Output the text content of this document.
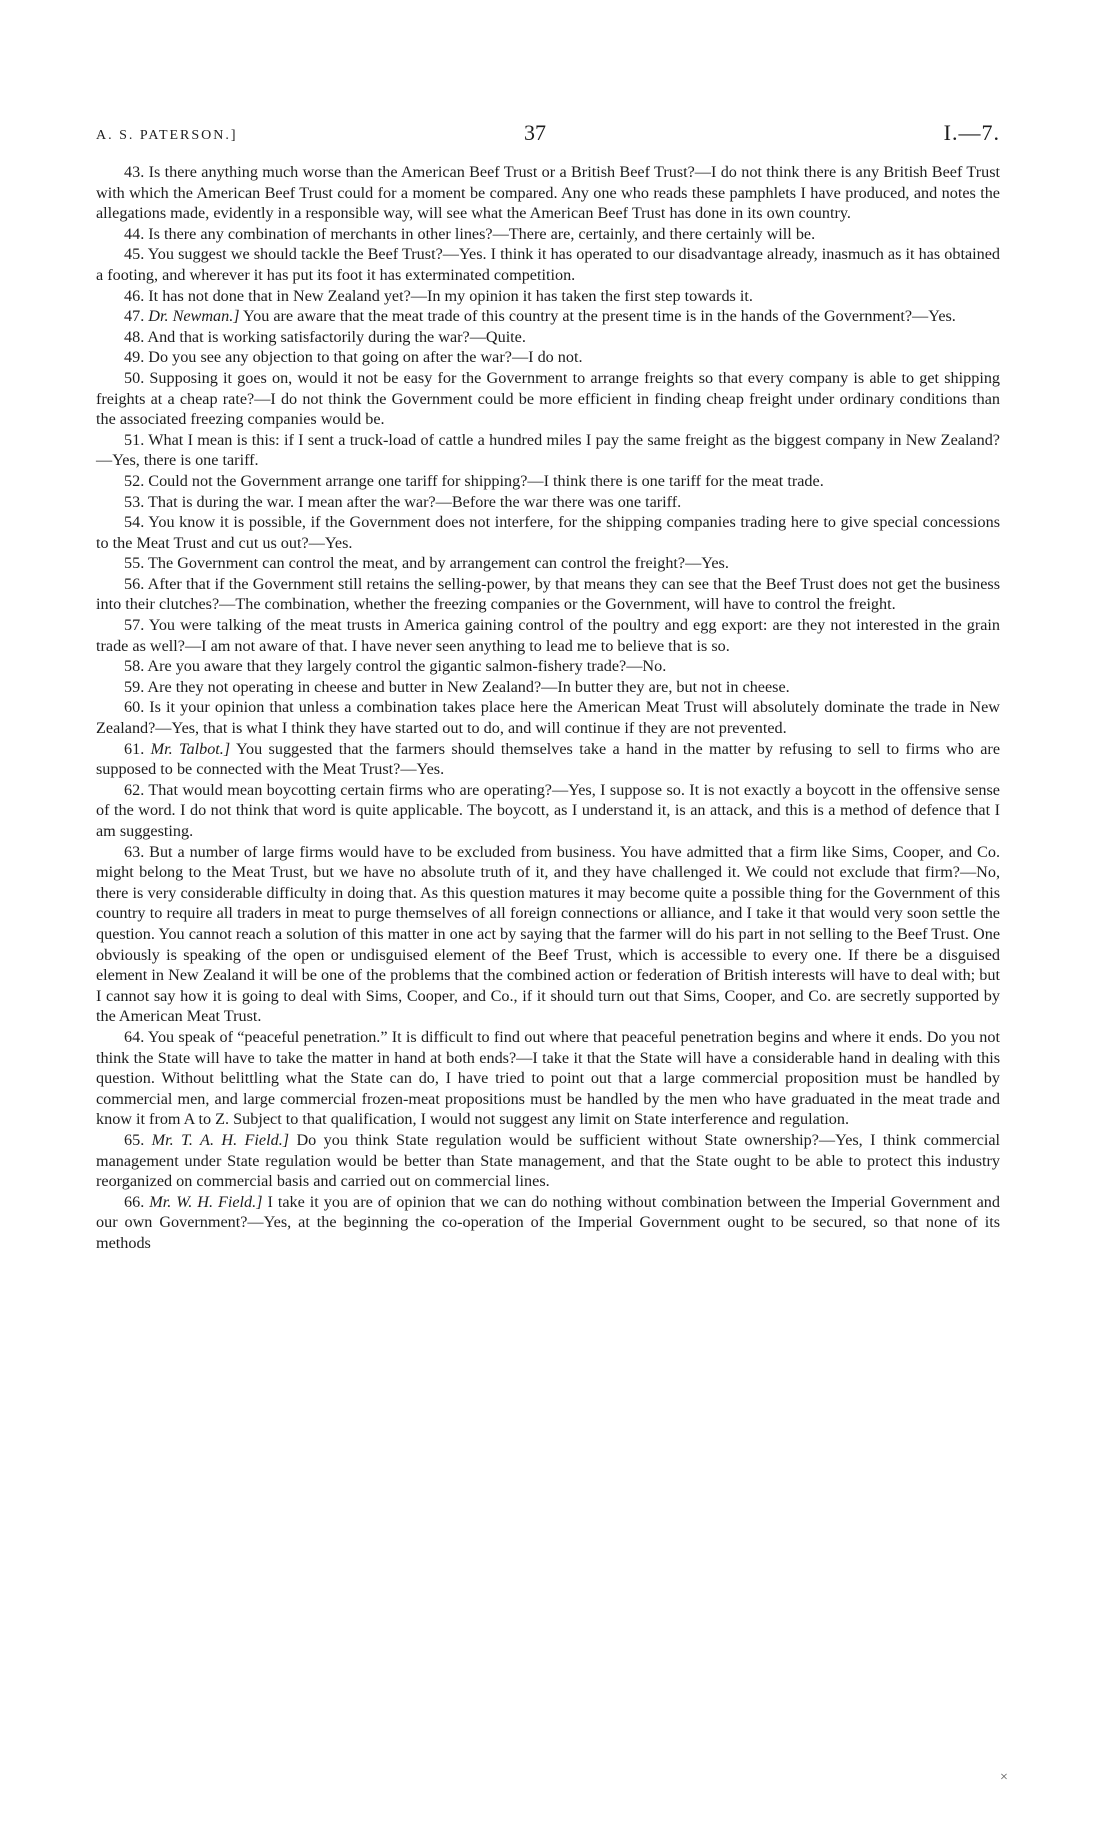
A. S. PATERSON.]	37	I.—7.

43. Is there anything much worse than the American Beef Trust or a British Beef Trust?—I do not think there is any British Beef Trust with which the American Beef Trust could for a moment be compared. Any one who reads these pamphlets I have produced, and notes the allegations made, evidently in a responsible way, will see what the American Beef Trust has done in its own country.

44. Is there any combination of merchants in other lines?—There are, certainly, and there certainly will be.

45. You suggest we should tackle the Beef Trust?—Yes. I think it has operated to our disadvantage already, inasmuch as it has obtained a footing, and wherever it has put its foot it has exterminated competition.

46. It has not done that in New Zealand yet?—In my opinion it has taken the first step towards it.

47. Dr. Newman.] You are aware that the meat trade of this country at the present time is in the hands of the Government?—Yes.

48. And that is working satisfactorily during the war?—Quite.

49. Do you see any objection to that going on after the war?—I do not.

50. Supposing it goes on, would it not be easy for the Government to arrange freights so that every company is able to get shipping freights at a cheap rate?—I do not think the Government could be more efficient in finding cheap freight under ordinary conditions than the associated freezing companies would be.

51. What I mean is this: if I sent a truck-load of cattle a hundred miles I pay the same freight as the biggest company in New Zealand?—Yes, there is one tariff.

52. Could not the Government arrange one tariff for shipping?—I think there is one tariff for the meat trade.

53. That is during the war. I mean after the war?—Before the war there was one tariff.

54. You know it is possible, if the Government does not interfere, for the shipping companies trading here to give special concessions to the Meat Trust and cut us out?—Yes.

55. The Government can control the meat, and by arrangement can control the freight?—Yes.

56. After that if the Government still retains the selling-power, by that means they can see that the Beef Trust does not get the business into their clutches?—The combination, whether the freezing companies or the Government, will have to control the freight.

57. You were talking of the meat trusts in America gaining control of the poultry and egg export: are they not interested in the grain trade as well?—I am not aware of that. I have never seen anything to lead me to believe that is so.

58. Are you aware that they largely control the gigantic salmon-fishery trade?—No.

59. Are they not operating in cheese and butter in New Zealand?—In butter they are, but not in cheese.

60. Is it your opinion that unless a combination takes place here the American Meat Trust will absolutely dominate the trade in New Zealand?—Yes, that is what I think they have started out to do, and will continue if they are not prevented.

61. Mr. Talbot.] You suggested that the farmers should themselves take a hand in the matter by refusing to sell to firms who are supposed to be connected with the Meat Trust?—Yes.

62. That would mean boycotting certain firms who are operating?—Yes, I suppose so. It is not exactly a boycott in the offensive sense of the word. I do not think that word is quite applicable. The boycott, as I understand it, is an attack, and this is a method of defence that I am suggesting.

63. But a number of large firms would have to be excluded from business. You have admitted that a firm like Sims, Cooper, and Co. might belong to the Meat Trust, but we have no absolute truth of it, and they have challenged it. We could not exclude that firm?—No, there is very considerable difficulty in doing that. As this question matures it may become quite a possible thing for the Government of this country to require all traders in meat to purge themselves of all foreign connections or alliance, and I take it that would very soon settle the question. You cannot reach a solution of this matter in one act by saying that the farmer will do his part in not selling to the Beef Trust. One obviously is speaking of the open or undisguised element of the Beef Trust, which is accessible to every one. If there be a disguised element in New Zealand it will be one of the problems that the combined action or federation of British interests will have to deal with; but I cannot say how it is going to deal with Sims, Cooper, and Co., if it should turn out that Sims, Cooper, and Co. are secretly supported by the American Meat Trust.

64. You speak of “peaceful penetration.” It is difficult to find out where that peaceful penetration begins and where it ends. Do you not think the State will have to take the matter in hand at both ends?—I take it that the State will have a considerable hand in dealing with this question. Without belittling what the State can do, I have tried to point out that a large commercial proposition must be handled by commercial men, and large commercial frozen-meat propositions must be handled by the men who have graduated in the meat trade and know it from A to Z. Subject to that qualification, I would not suggest any limit on State interference and regulation.

65. Mr. T. A. H. Field.] Do you think State regulation would be sufficient without State ownership?—Yes, I think commercial management under State regulation would be better than State management, and that the State ought to be able to protect this industry reorganized on commercial basis and carried out on commercial lines.

66. Mr. W. H. Field.] I take it you are of opinion that we can do nothing without combination between the Imperial Government and our own Government?—Yes, at the beginning the co-operation of the Imperial Government ought to be secured, so that none of its methods

×
